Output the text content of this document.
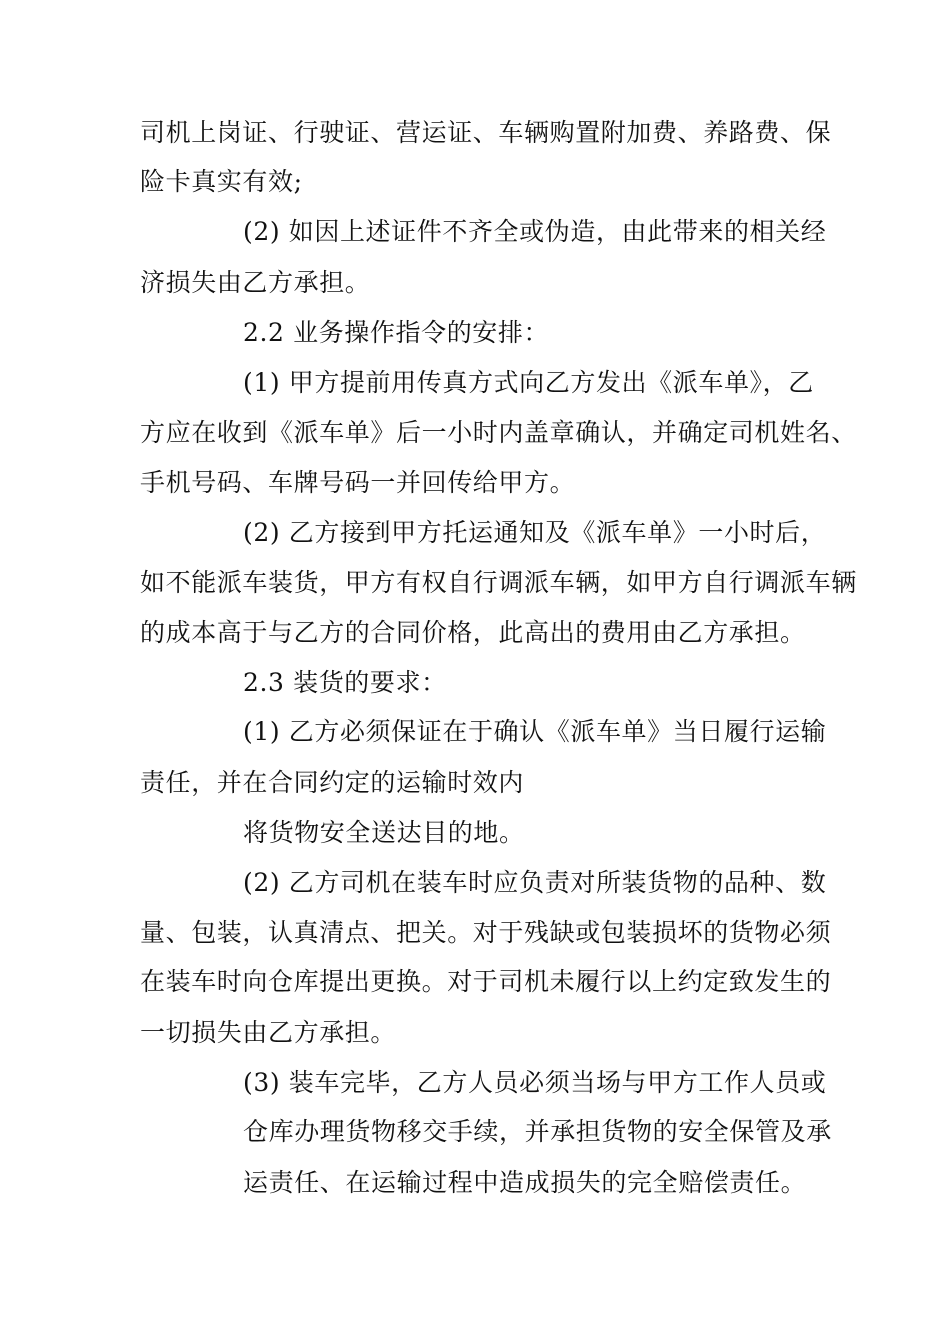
司机上岗证、行驶证、营运证、车辆购置附加费、养路费、保
险卡真实有效;
(2) 如因上述证件不齐全或伪造，由此带来的相关经
济损失由乙方承担。
2.2 业务操作指令的安排：
(1) 甲方提前用传真方式向乙方发出《派车单》，乙
方应在收到《派车单》后一小时内盖章确认，并确定司机姓名、
手机号码、车牌号码一并回传给甲方。
(2) 乙方接到甲方托运通知及《派车单》一小时后，
如不能派车装货，甲方有权自行调派车辆，如甲方自行调派车辆
的成本高于与乙方的合同价格，此高出的费用由乙方承担。
2.3 装货的要求：
(1) 乙方必须保证在于确认《派车单》当日履行运输
责任，并在合同约定的运输时效内
将货物安全送达目的地。
(2) 乙方司机在装车时应负责对所装货物的品种、数
量、包装，认真清点、把关。对于残缺或包装损坏的货物必须
在装车时向仓库提出更换。对于司机未履行以上约定致发生的
一切损失由乙方承担。
(3) 装车完毕，乙方人员必须当场与甲方工作人员或
仓库办理货物移交手续，并承担货物的安全保管及承
运责任、在运输过程中造成损失的完全赔偿责任。
